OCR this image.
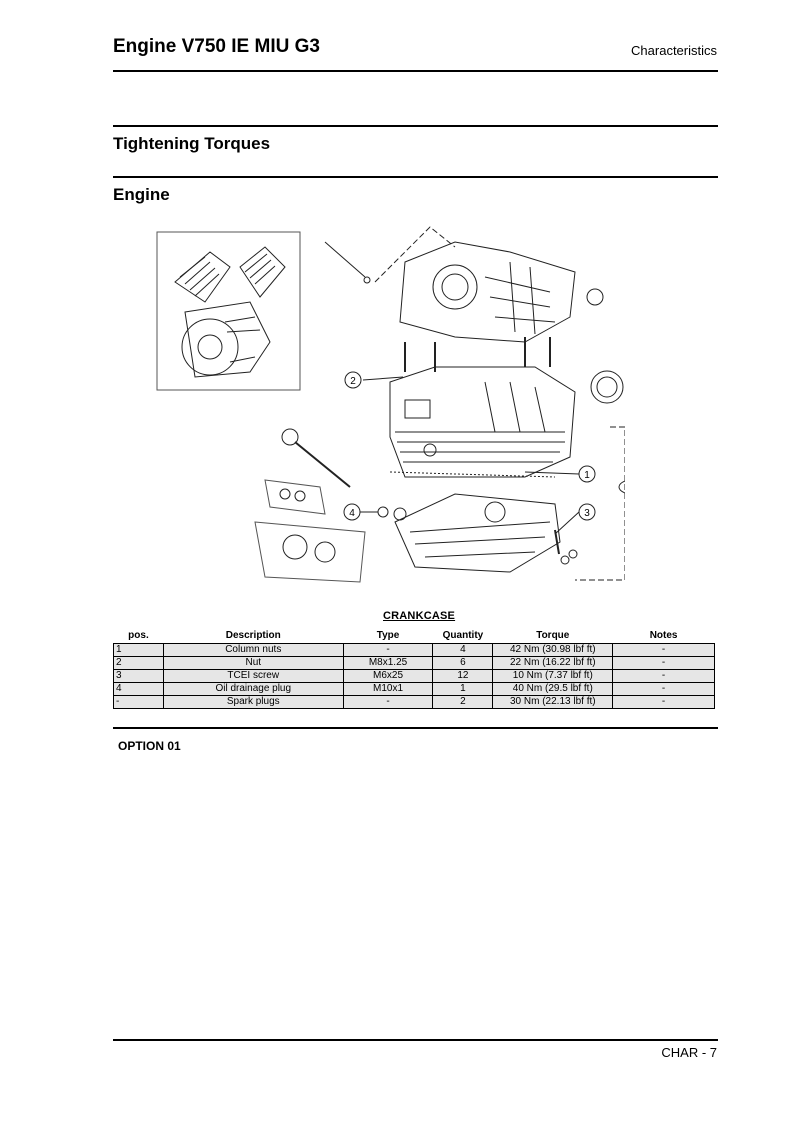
Engine V750 IE MIU G3	Characteristics
Tightening Torques
Engine
2
1
3
4
CRANKCASE
pos.	Description	Type	Quantity	Torque	Notes
1	Column nuts	-	4	42 Nm (30.98 lbf ft)	-
2	Nut	M8x1.25	6	22 Nm (16.22 lbf ft)	-
3	TCEI screw	M6x25	12	10 Nm (7.37 lbf ft)	-
4	Oil drainage plug	M10x1	1	40 Nm (29.5 lbf ft)	-
-	Spark plugs	-	2	30 Nm (22.13 lbf ft)	-
OPTION 01
CHAR - 7
